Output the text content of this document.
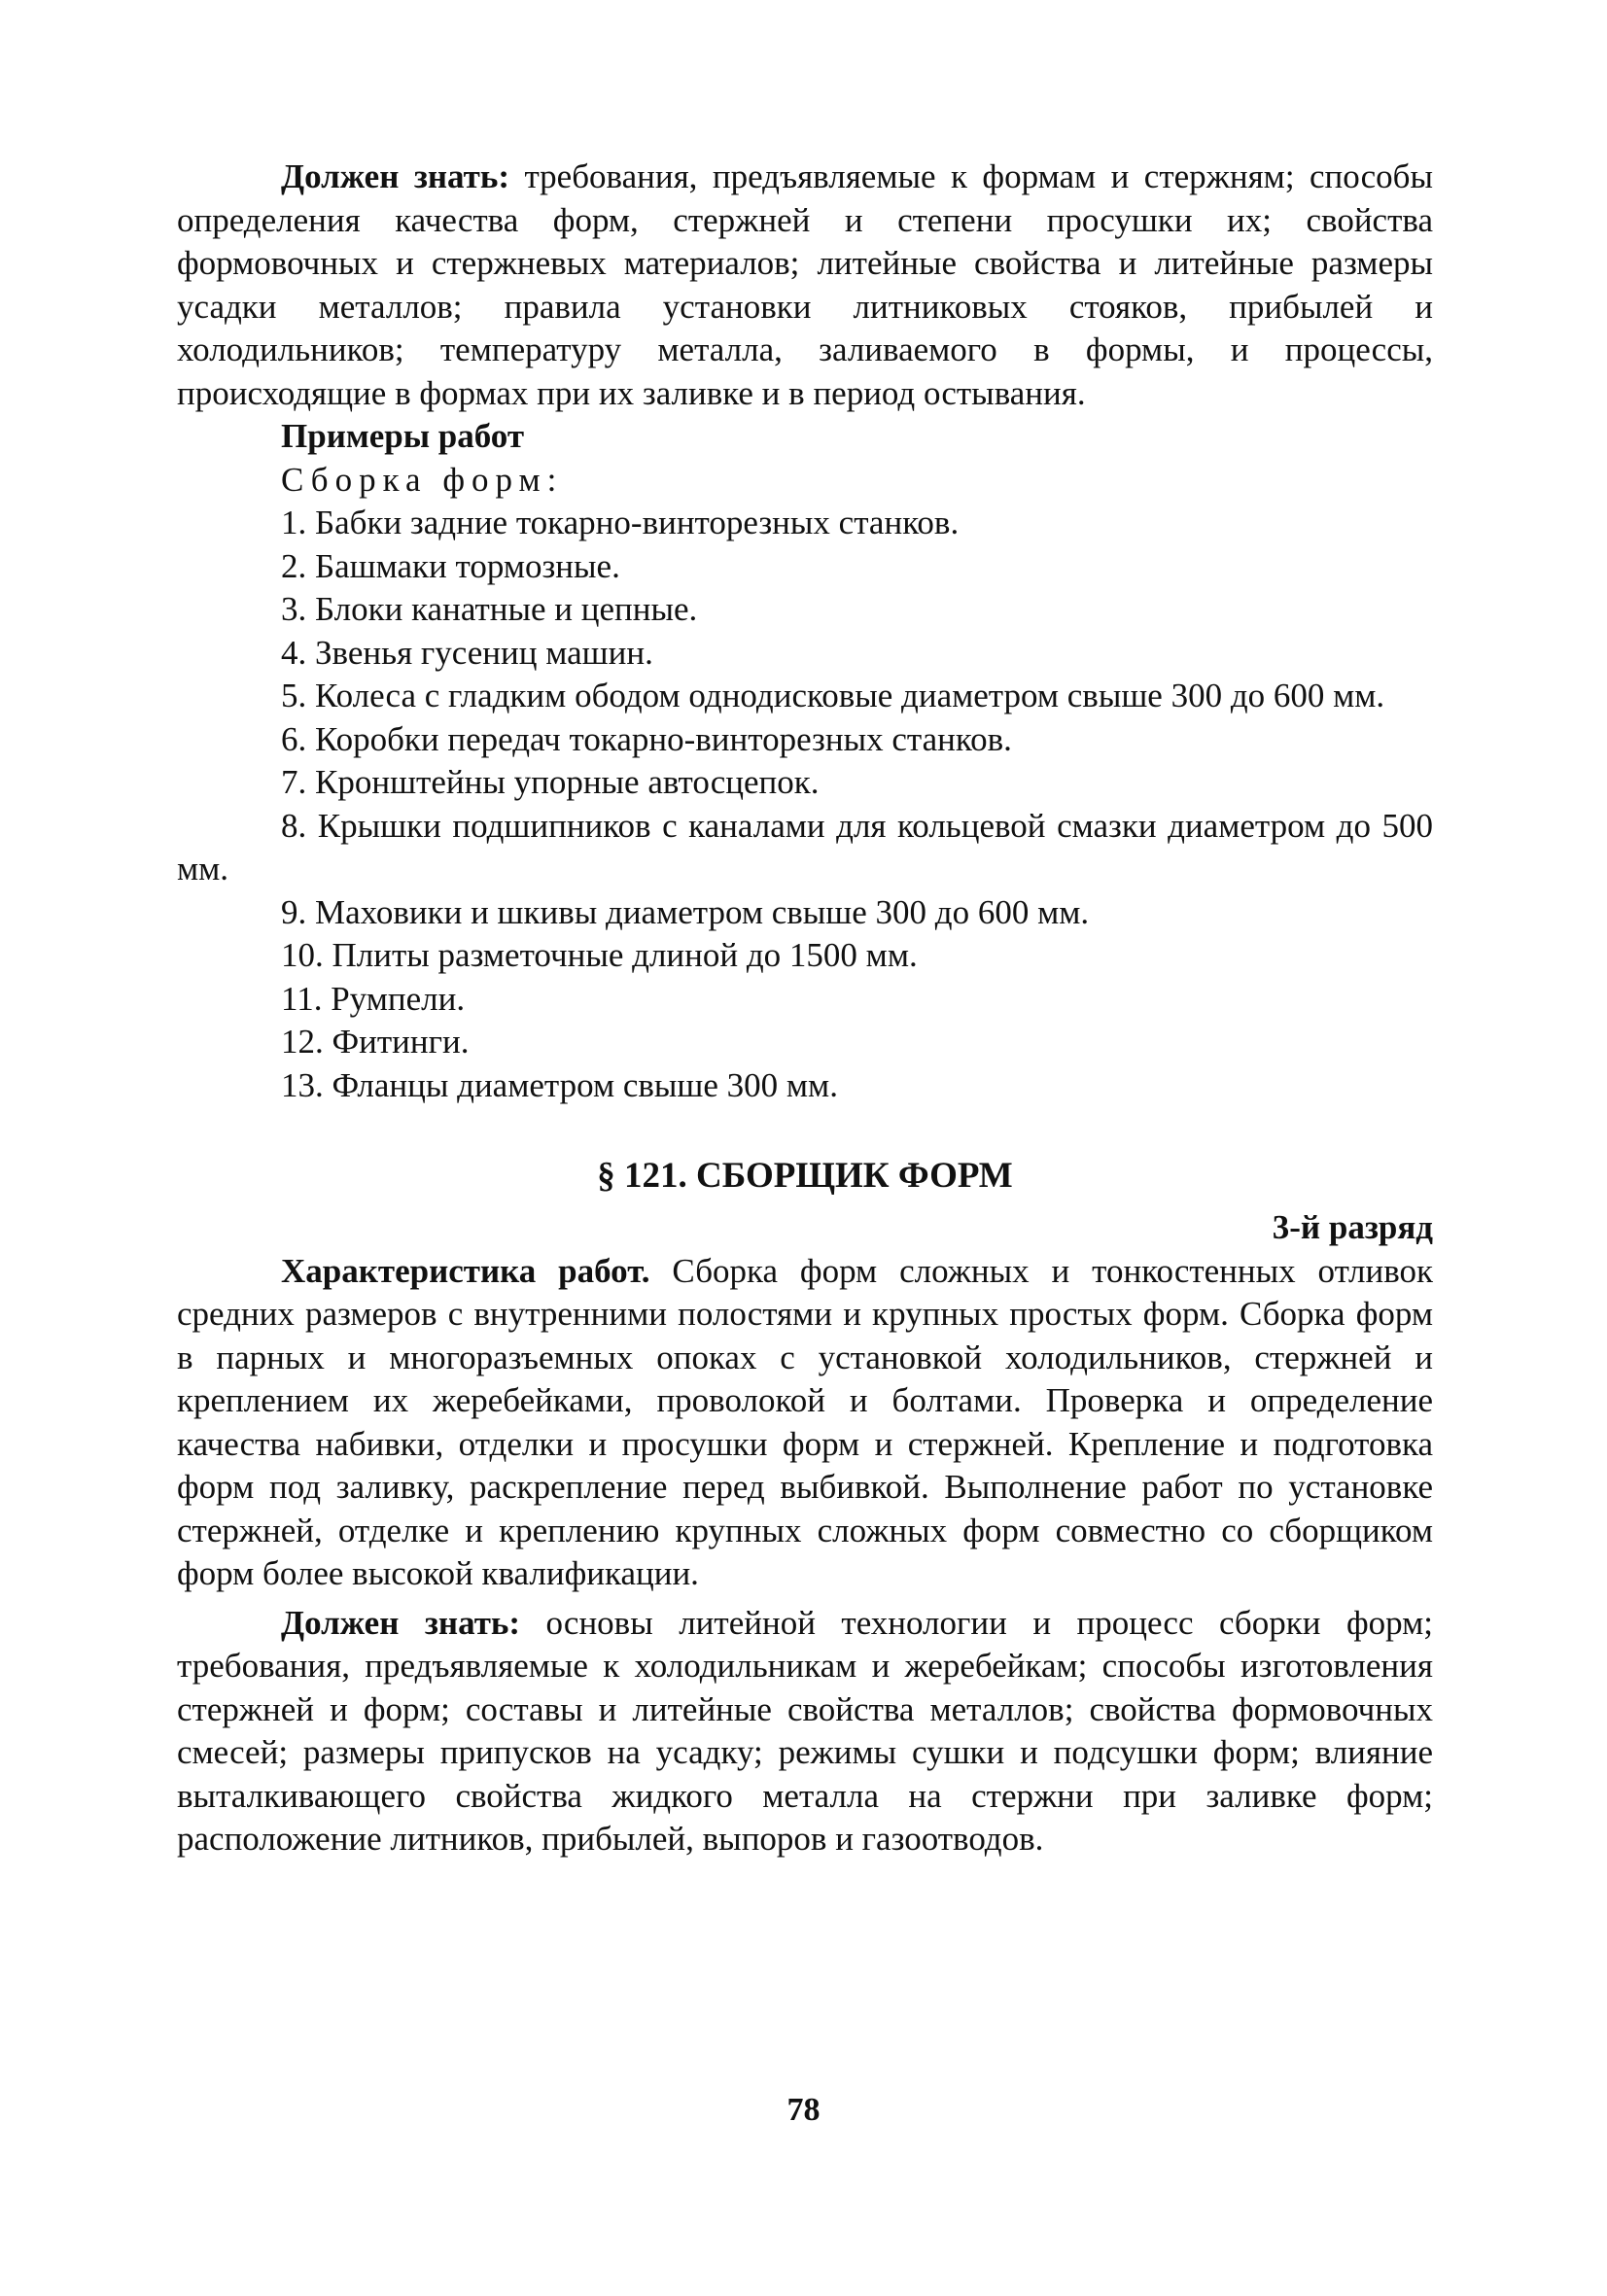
Должен знать: требования, предъявляемые к формам и стержням; способы определения качества форм, стержней и степени просушки их; свойства формовочных и стержневых материалов; литейные свойства и литейные размеры усадки металлов; правила установки литниковых стояков, прибылей и холодильников; температуру металла, заливаемого в формы, и процессы, происходящие в формах при их заливке и в период остывания.

Примеры работ

Сборка форм:

1. Бабки задние токарно-винторезных станков.

2. Башмаки тормозные.

3. Блоки канатные и цепные.

4. Звенья гусениц машин.

5. Колеса с гладким ободом однодисковые диаметром свыше 300 до 600 мм.

6. Коробки передач токарно-винторезных станков.

7. Кронштейны упорные автосцепок.

8. Крышки подшипников с каналами для кольцевой смазки диаметром до 500 мм.

9. Маховики и шкивы диаметром свыше 300 до 600 мм.

10. Плиты разметочные длиной до 1500 мм.

11. Румпели.

12. Фитинги.

13. Фланцы диаметром свыше 300 мм.

§ 121. СБОРЩИК ФОРМ

3-й разряд

Характеристика работ. Сборка форм сложных и тонкостенных отливок средних размеров с внутренними полостями и крупных простых форм. Сборка форм в парных и многоразъемных опоках с установкой холодильников, стержней и креплением их жеребейками, проволокой и болтами. Проверка и определение качества набивки, отделки и просушки форм и стержней. Крепление и подготовка форм под заливку, раскрепление перед выбивкой. Выполнение работ по установке стержней, отделке и креплению крупных сложных форм совместно со сборщиком форм более высокой квалификации.

Должен знать: основы литейной технологии и процесс сборки форм; требования, предъявляемые к холодильникам и жеребейкам; способы изготовления стержней и форм; составы и литейные свойства металлов; свойства формовочных смесей; размеры припусков на усадку; режимы сушки и подсушки форм; влияние выталкивающего свойства жидкого металла на стержни при заливке форм; расположение литников, прибылей, выпоров и газоотводов.

78
